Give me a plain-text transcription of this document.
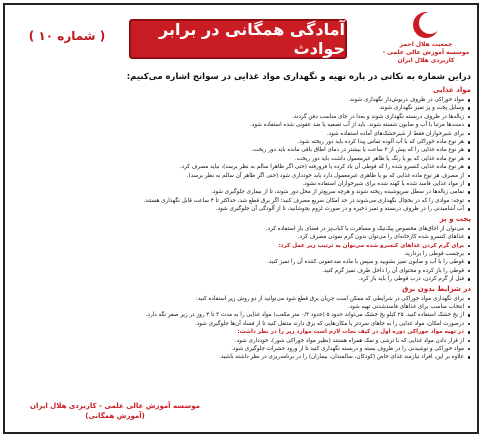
( شماره ۱۰ )	آمادگی همگانی در برابر حوادث	جمعیت هلال احمر
موسسه آموزش عالی علمی - کاربردی هلال ایران
دراین شماره به نکاتی در باره تهیه و نگهداری مواد غذایی در سوانح اشاره می‌کنیم:
مواد غذایی
مواد خوراکی در ظروف دربوش‌دار نگهداری شوند.
وسایل پخت و پز تمیز نگهداری شوند.
زباله‌ها در ظروف دربسته نگهداری شوند و بعدا در جای مناسب دفن گردند.
دست‌ها مرتبا با آب و صابون شسته شوند. باید از آب تصفیه یا ضد عفونی شده استفاده شود.
برای شیرخواران فقط از شیرخشک‌های آماده استفاده شود.
هر نوع ماده خوراکی که با آب آلوده تماس پیدا کرده باید دور ریخته شود.
هر نوع ماده غذایی را که بیش از ۲ ساعت یا بیشتر در دمای اطاق باقی مانده باید دور ریخت.
هر نوع ماده غذایی که بو یا رنگ یا ظاهر غیرمعمول داشت باید دور ریخت.
هر نوع ماده غذایی کنسرو شده را که قوطی آن باد کرده یا فرورفته (حتی اگر ظاهرا سالم به نظر برسد)، نباید مصرف کرد.
از مصرف هر نوع ماده غذایی که بو یا ظاهری غیرمعمول دارد باید خودداری شود (حتی اگر ظاهر آن سالم به نظر برسد).
از مواد غذایی فاسد شده یا کهنه شده برای شیرخواران استفاده نشود.
تمامی زباله‌ها در سطل سرپوشیده ریخته شوند و هرچه سریع‌تر از محل دور شوند، تا از بیماری جلوگیری شود.
توجه: موادی را که در یخچال نگهداری می‌شوند در حد امکان سریع مصرف کنید؛ اگر برق قطع شد، حداکثر تا ۴ ساعت قابل نگهداری هستند.
آب آشامیدنی را در ظروف دربسته و تمیز ذخیره و در صورت لزوم بجوشانید، تا از آلودگی آن جلوگیری شود.
پخت و پز
می‌توان از اجاق‌های مخصوص پیک‌نیک و مسافرت یا کباب‌پز در فضای باز استفاده کرد.
غذاهای کنسرو شده کارخانه‌ای را می‌توان بدون گرم نمودن مصرف کرد.
برای گرم کردن غذاهای کنسرو شده می‌توان به ترتیب زیر عمل کرد:
برچسب قوطی را بردارید.
قوطی را با آب و صابون تمیز بشویید و سپس با ماده ضدعفونی کننده آن را تمیز کنید.
قوطی را باز کرده و محتوای آن را داخل ظرف تمیز گرم کنید.
قبل از گرم کردن، درب قوطی را باید باز کرد.
در شرایط بدون برق
برای نگهداری مواد خوراکی در شرایطی که ممکن است جریان برق قطع شود می‌توانید از دو روش زیر استفاده کنید:
انتخاب مناسب برای غذاهای فاسدشدنی تهیه شود.
از یخ خشک استفاده کنید. ۲۵ کیلو یخ خشک می‌تواند حدود ۵ (حدود ۰/۳ متر مکعب) مواد غذایی را به مدت ۳ تا ۴ روز در زیر صفر نگه دارد.
درصورت امکان، مواد غذایی را به جاهای سردتر یا مکان‌هایی که برق دارند منتقل کنید تا از فساد آن‌ها جلوگیری شود.
در تهیه مواد خوراکی دوره اول در کیف نجات لازم است موارد زیر را در نظر داشت:
از قرار دادن مواد غذایی که با ترشی و نمک همراه هستند (نظیر مواد خوراکی شور)، خودداری شود.
مواد خوراکی و نوشیدنی را در ظروف بسته و دربسته نگهداری کنید تا از ورود حشرات جلوگیری شود.
علاوه بر این، افراد نیازمند غذای خاص (کودکان، سالمندان، بیماران) را در برنامه‌ریزی در نظر داشته باشید.
موسسه آموزش عالی علمی - کاربردی هلال ایران
(آموزش همگانی)
